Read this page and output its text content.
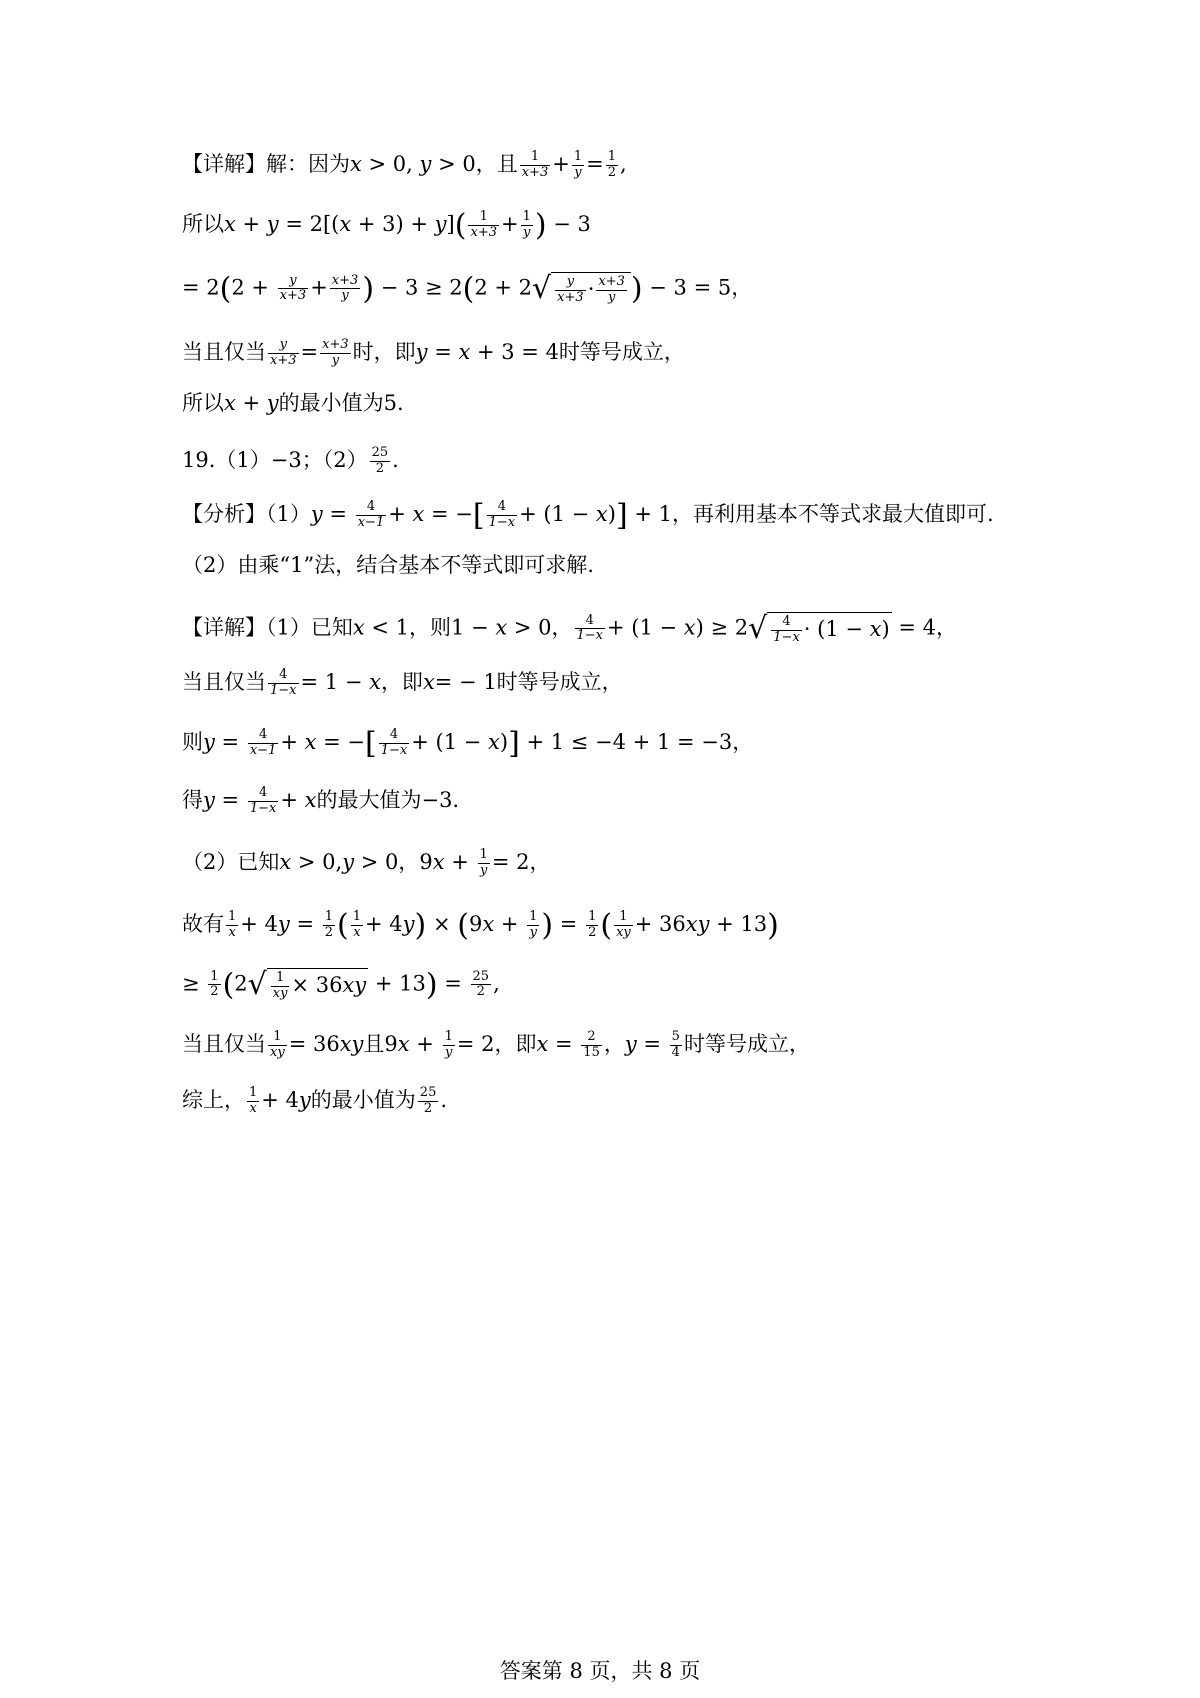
【详解】解：因为x > 0, y > 0，且 $\frac{1}{x+3} + \frac{1}{y} = \frac{1}{2}$ ,
所以$x + y = 2[(x + 3) + y]( \frac{1}{x+3} + \frac{1}{y}$ ) − 3
= $2(2 + \frac{y}{x+3} + \frac{x+3}{y}$ ) − $3 \ge 2(2 + 2√ \frac{y}{x+3} \cdot \frac{x+3}{y}$ ) − 3 = 5，
当且仅当 $\frac{y}{x+3} = \frac{x+3}{y}$ 时，即y = x + 3 = 4时等号成立，
所以x + y的最小值为5.
19.（1）−3；$(2) \frac{25}{2}$ .
【分析】$(1)y = \frac{4}{x-1} + x$ = −[ $\frac{4}{1-x} + (1 - x)] + 1$，再利用基本不等式求最大值即可.
（2）由乘“1”法，结合基本不等式即可求解.
【详解】（1）已知x < 1，则1 − x > 0， $\frac{4}{1-x} + (1 - x) \ge 2√ \frac{4}{1-x} \cdot (1 - x) = 4$，
当且仅当 $\frac{4}{1-x} = 1 - x$，即x= − 1时等号成立，
则$y = \frac{4}{x-1} + x$ = −[ $\frac{4}{1-x} + (1 - x)] + 1 \le -4 + 1 = -3$，
得$y = \frac{4}{1-x} + x$的最大值为−3.
（2）已知x > 0,y > 0，$9x + \frac{1}{y} = 2$，
故有 $\frac{1}{x} + 4y = \frac{1}{2}$ ( $\frac{1}{x} + 4y) \times (9x + \frac{1}{y}$ ) = $\frac{1}{2}$ ( $\frac{1}{xy} + 36xy + 13$)
≥ $\frac{1}{2} (2√ \frac{1}{xy} \times 36xy + 13) = \frac{25}{2}$ ,
当且仅当 $\frac{1}{xy} = 36xy$且$9x + \frac{1}{y} = 2$，即$x = \frac{2}{15}$ ，$y = \frac{5}{4}$ 时等号成立，
综上， $\frac{1}{x} + 4y$的最小值为 $\frac{25}{2}$ .
答案第 8 页，共 8 页
